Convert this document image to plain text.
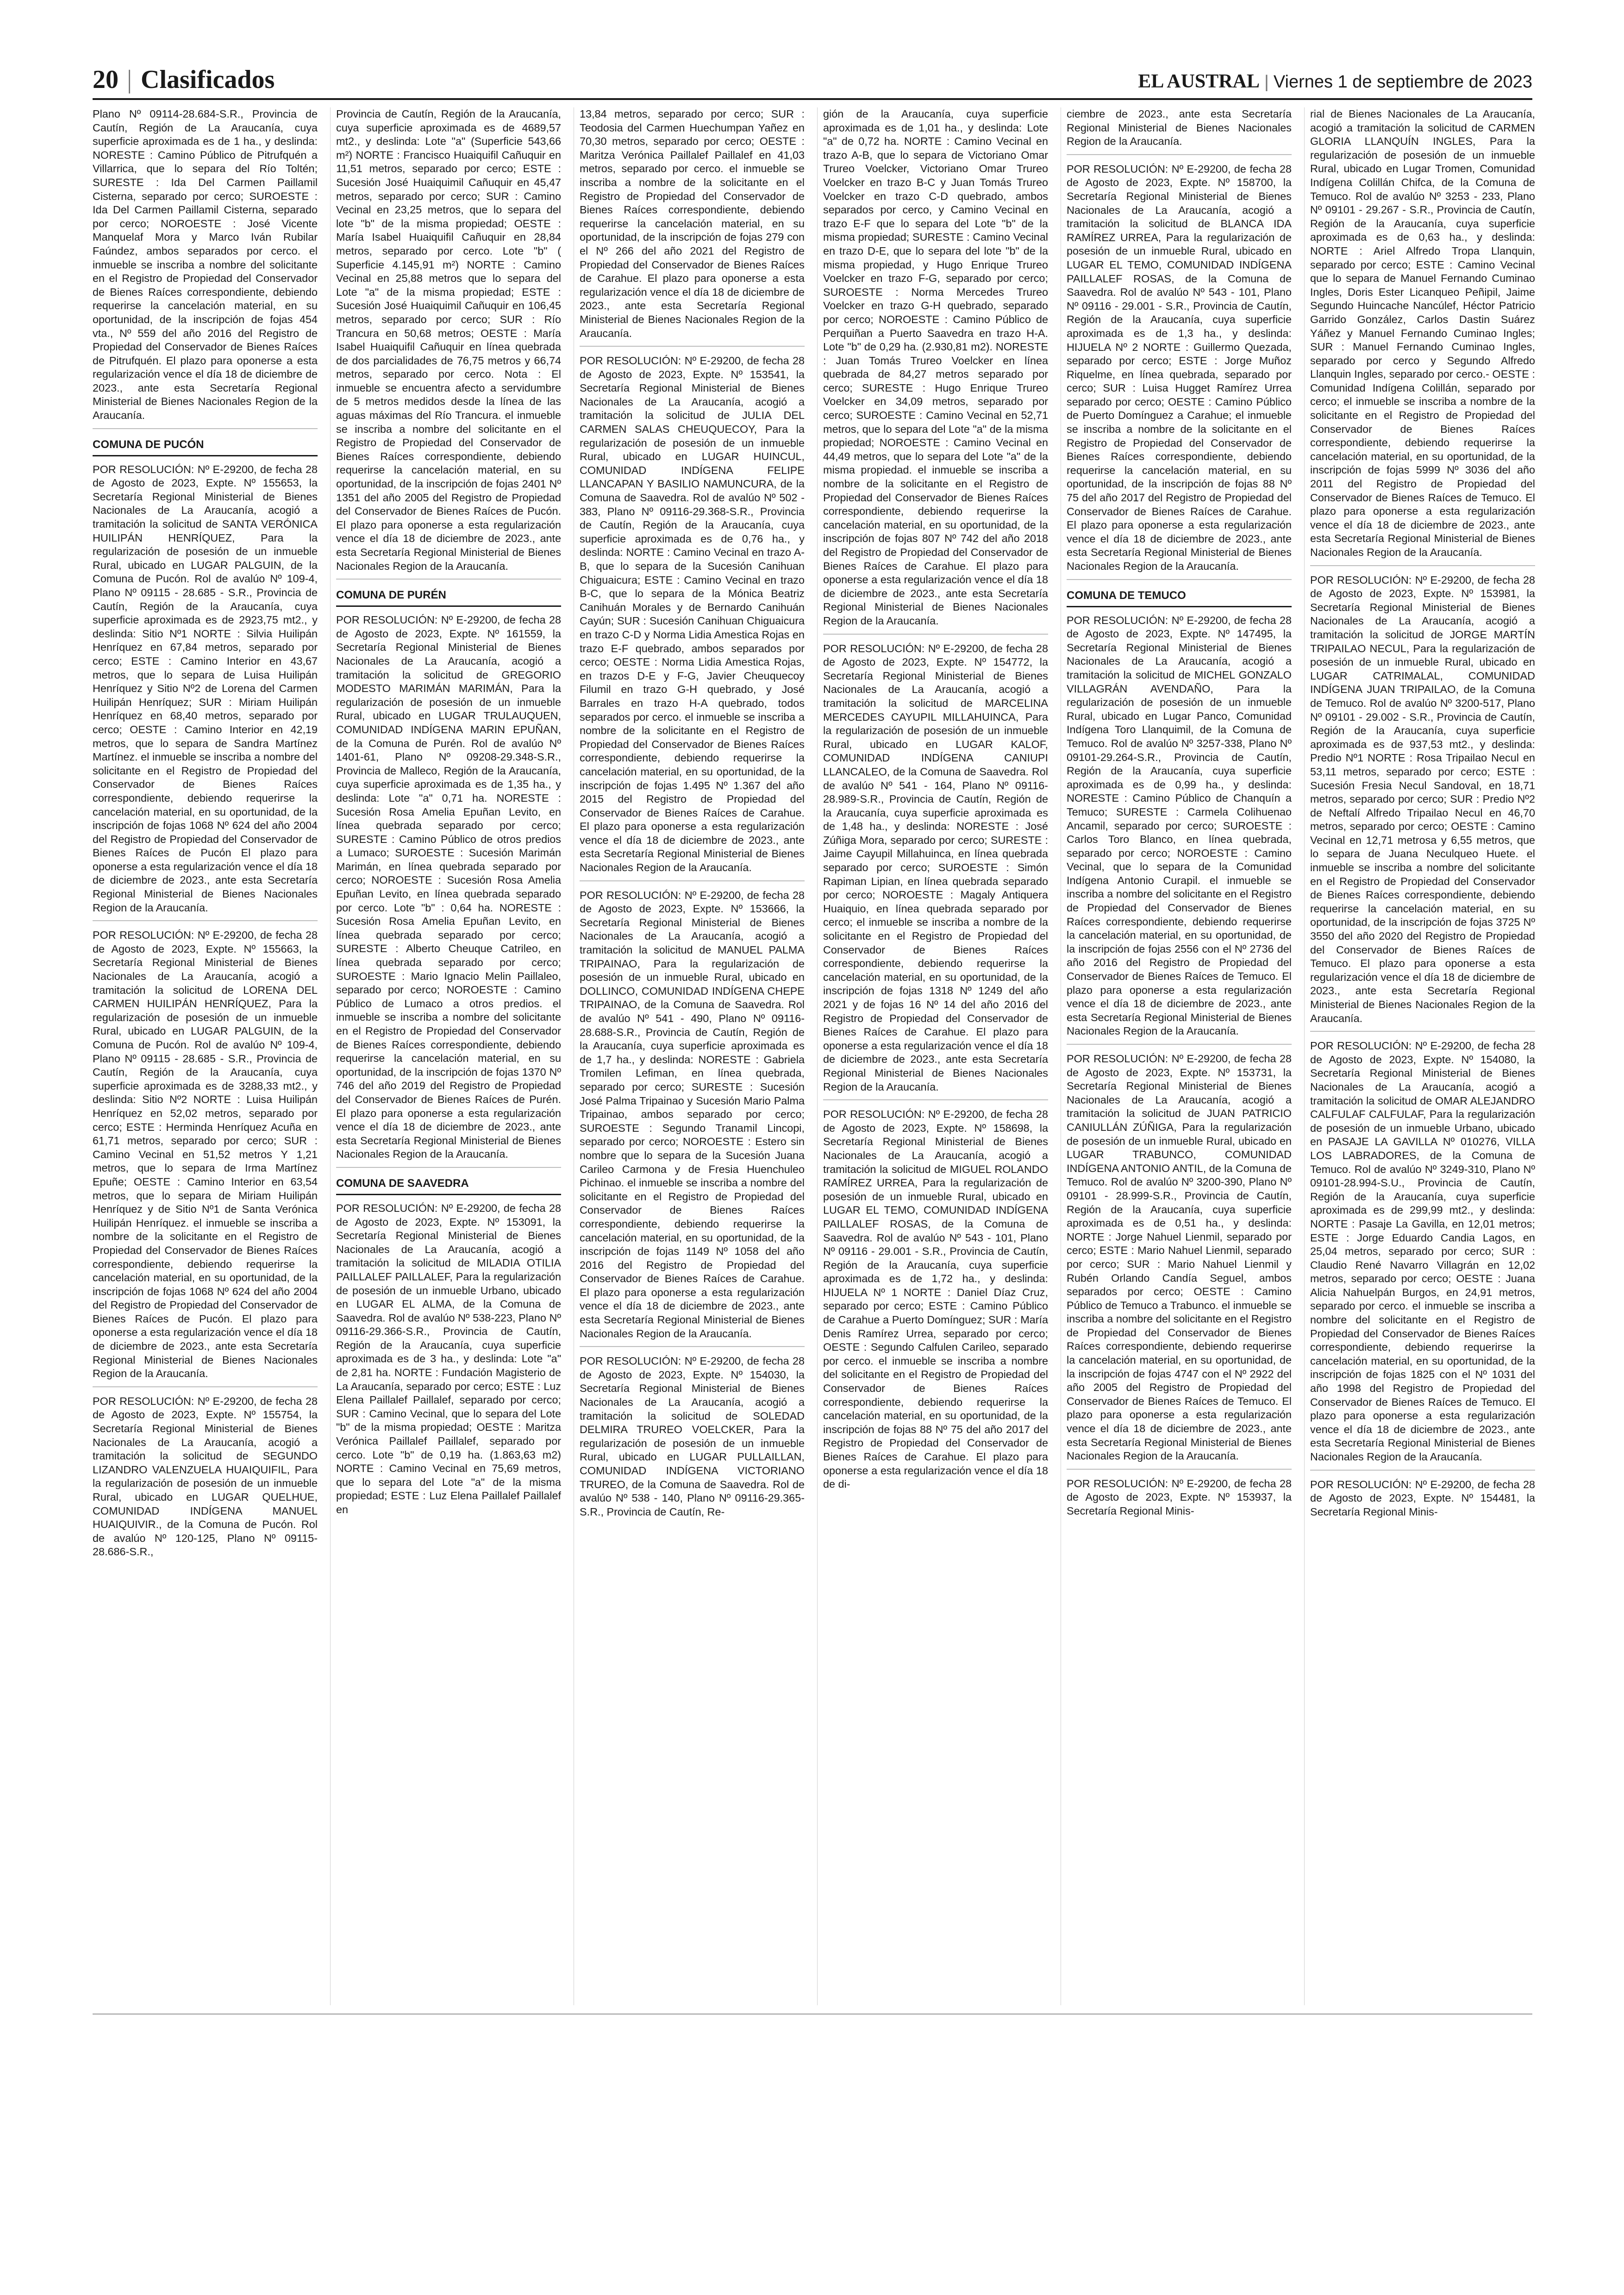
20 | Clasificados	EL AUSTRAL | Viernes 1 de septiembre de 2023

Plano Nº 09114-28.684-S.R., Provincia de Cautín, Región de La Araucanía, cuya superficie aproximada es de 1 ha., y deslinda: NORESTE : Camino Público de Pitrufquén a Villarrica, que lo separa del Río Toltén; SURESTE : Ida Del Carmen Paillamil Cisterna, separado por cerco; SUROESTE : Ida Del Carmen Paillamil Cisterna, separado por cerco; NOROESTE : José Vicente Manquelaf Mora y Marco Iván Rubilar Faúndez, ambos separados por cerco. el inmueble se inscriba a nombre del solicitante en el Registro de Propiedad del Conservador de Bienes Raíces correspondiente, debiendo requerirse la cancelación material, en su oportunidad, de la inscripción de fojas 454 vta., Nº 559 del año 2016 del Registro de Propiedad del Conservador de Bienes Raíces de Pitrufquén. El plazo para oponerse a esta regularización vence el día 18 de diciembre de 2023., ante esta Secretaría Regional Ministerial de Bienes Nacionales Region de la Araucanía.

COMUNA DE PUCÓN

POR RESOLUCIÓN: Nº E-29200, de fecha 28 de Agosto de 2023, Expte. Nº 155653, la Secretaría Regional Ministerial de Bienes Nacionales de La Araucanía, acogió a tramitación la solicitud de SANTA VERÓNICA HUILIPÁN HENRÍQUEZ, Para la regularización de posesión de un inmueble Rural, ubicado en LUGAR PALGUIN, de la Comuna de Pucón. Rol de avalúo Nº 109-4, Plano Nº 09115 - 28.685 - S.R., Provincia de Cautín, Región de la Araucanía, cuya superficie aproximada es de 2923,75 mt2., y deslinda: Sitio Nº1 NORTE : Silvia Huilipán Henríquez en 67,84 metros, separado por cerco; ESTE : Camino Interior en 43,67 metros, que lo separa de Luisa Huilipán Henríquez y Sitio Nº2 de Lorena del Carmen Huilipán Henríquez; SUR : Miriam Huilipán Henríquez en 68,40 metros, separado por cerco; OESTE : Camino Interior en 42,19 metros, que lo separa de Sandra Martínez Martínez. el inmueble se inscriba a nombre del solicitante en el Registro de Propiedad del Conservador de Bienes Raíces correspondiente, debiendo requerirse la cancelación material, en su oportunidad, de la inscripción de fojas 1068 Nº 624 del año 2004 del Registro de Propiedad del Conservador de Bienes Raíces de Pucón El plazo para oponerse a esta regularización vence el día 18 de diciembre de 2023., ante esta Secretaría Regional Ministerial de Bienes Nacionales Region de la Araucanía.

POR RESOLUCIÓN: Nº E-29200, de fecha 28 de Agosto de 2023, Expte. Nº 155663, la Secretaría Regional Ministerial de Bienes Nacionales de La Araucanía, acogió a tramitación la solicitud de LORENA DEL CARMEN HUILIPÁN HENRÍQUEZ, Para la regularización de posesión de un inmueble Rural, ubicado en LUGAR PALGUIN, de la Comuna de Pucón. Rol de avalúo Nº 109-4, Plano Nº 09115 - 28.685 - S.R., Provincia de Cautín, Región de la Araucanía, cuya superficie aproximada es de 3288,33 mt2., y deslinda: Sitio Nº2 NORTE : Luisa Huilipán Henríquez en 52,02 metros, separado por cerco; ESTE : Herminda Henríquez Acuña en 61,71 metros, separado por cerco; SUR : Camino Vecinal en 51,52 metros Y 1,21 metros, que lo separa de Irma Martínez Epuñe; OESTE : Camino Interior en 63,54 metros, que lo separa de Miriam Huilipán Henríquez y de Sitio Nº1 de Santa Verónica Huilipán Henríquez. el inmueble se inscriba a nombre de la solicitante en el Registro de Propiedad del Conservador de Bienes Raíces correspondiente, debiendo requerirse la cancelación material, en su oportunidad, de la inscripción de fojas 1068 Nº 624 del año 2004 del Registro de Propiedad del Conservador de Bienes Raíces de Pucón. El plazo para oponerse a esta regularización vence el día 18 de diciembre de 2023., ante esta Secretaría Regional Ministerial de Bienes Nacionales Region de la Araucanía.

POR RESOLUCIÓN: Nº E-29200, de fecha 28 de Agosto de 2023, Expte. Nº 155754, la Secretaría Regional Ministerial de Bienes Nacionales de La Araucanía, acogió a tramitación la solicitud de SEGUNDO LIZANDRO VALENZUELA HUAIQUIFIL, Para la regularización de posesión de un inmueble Rural, ubicado en LUGAR QUELHUE, COMUNIDAD INDÍGENA MANUEL HUAIQUIVIR., de la Comuna de Pucón. Rol de avalúo Nº 120-125, Plano Nº 09115- 28.686-S.R.,

Provincia de Cautín, Región de la Araucanía, cuya superficie aproximada es de 4689,57 mt2., y deslinda: Lote "a" (Superficie 543,66 m²) NORTE : Francisco Huaiquifil Cañuquir en 11,51 metros, separado por cerco; ESTE : Sucesión José Huaiquimil Cañuquir en 45,47 metros, separado por cerco; SUR : Camino Vecinal en 23,25 metros, que lo separa del lote "b" de la misma propiedad; OESTE : María Isabel Huaiquifil Cañuquir en 28,84 metros, separado por cerco. Lote "b" ( Superficie 4.145,91 m²) NORTE : Camino Vecinal en 25,88 metros que lo separa del Lote "a" de la misma propiedad; ESTE : Sucesión José Huaiquimil Cañuquir en 106,45 metros, separado por cerco; SUR : Río Trancura en 50,68 metros; OESTE : María Isabel Huaiquifil Cañuquir en línea quebrada de dos parcialidades de 76,75 metros y 66,74 metros, separado por cerco. Nota : El inmueble se encuentra afecto a servidumbre de 5 metros medidos desde la línea de las aguas máximas del Río Trancura. el inmueble se inscriba a nombre del solicitante en el Registro de Propiedad del Conservador de Bienes Raíces correspondiente, debiendo requerirse la cancelación material, en su oportunidad, de la inscripción de fojas 2401 Nº 1351 del año 2005 del Registro de Propiedad del Conservador de Bienes Raíces de Pucón. El plazo para oponerse a esta regularización vence el día 18 de diciembre de 2023., ante esta Secretaría Regional Ministerial de Bienes Nacionales Region de la Araucanía.

COMUNA DE PURÉN

POR RESOLUCIÓN: Nº E-29200, de fecha 28 de Agosto de 2023, Expte. Nº 161559, la Secretaría Regional Ministerial de Bienes Nacionales de La Araucanía, acogió a tramitación la solicitud de GREGORIO MODESTO MARIMÁN MARIMÁN, Para la regularización de posesión de un inmueble Rural, ubicado en LUGAR TRULAUQUEN, COMUNIDAD INDÍGENA MARIN EPUÑAN, de la Comuna de Purén. Rol de avalúo Nº 1401-61, Plano Nº 09208-29.348-S.R., Provincia de Malleco, Región de la Araucanía, cuya superficie aproximada es de 1,35 ha., y deslinda: Lote "a" 0,71 ha. NORESTE : Sucesión Rosa Amelia Epuñan Levito, en línea quebrada separado por cerco; SURESTE : Camino Público de otros predios a Lumaco; SUROESTE : Sucesión Marimán Marimán, en línea quebrada separado por cerco; NOROESTE : Sucesión Rosa Amelia Epuñan Levito, en línea quebrada separado por cerco. Lote "b" : 0,64 ha. NORESTE : Sucesión Rosa Amelia Epuñan Levito, en línea quebrada separado por cerco; SURESTE : Alberto Cheuque Catrileo, en línea quebrada separado por cerco; SUROESTE : Mario Ignacio Melin Paillaleo, separado por cerco; NOROESTE : Camino Público de Lumaco a otros predios. el inmueble se inscriba a nombre del solicitante en el Registro de Propiedad del Conservador de Bienes Raíces correspondiente, debiendo requerirse la cancelación material, en su oportunidad, de la inscripción de fojas 1370 Nº 746 del año 2019 del Registro de Propiedad del Conservador de Bienes Raíces de Purén. El plazo para oponerse a esta regularización vence el día 18 de diciembre de 2023., ante esta Secretaría Regional Ministerial de Bienes Nacionales Region de la Araucanía.

COMUNA DE SAAVEDRA

POR RESOLUCIÓN: Nº E-29200, de fecha 28 de Agosto de 2023, Expte. Nº 153091, la Secretaría Regional Ministerial de Bienes Nacionales de La Araucanía, acogió a tramitación la solicitud de MILADIA OTILIA PAILLALEF PAILLALEF, Para la regularización de posesión de un inmueble Urbano, ubicado en LUGAR EL ALMA, de la Comuna de Saavedra. Rol de avalúo Nº 538-223, Plano Nº 09116-29.366-S.R., Provincia de Cautín, Región de la Araucanía, cuya superficie aproximada es de 3 ha., y deslinda: Lote "a" de 2,81 ha. NORTE : Fundación Magisterio de La Araucanía, separado por cerco; ESTE : Luz Elena Paillalef Paillalef, separado por cerco; SUR : Camino Vecinal, que lo separa del Lote "b" de la misma propiedad; OESTE : Maritza Verónica Paillalef Paillalef, separado por cerco. Lote "b" de 0,19 ha. (1.863,63 m2) NORTE : Camino Vecinal en 75,69 metros, que lo separa del Lote "a" de la misma propiedad; ESTE : Luz Elena Paillalef Paillalef en

13,84 metros, separado por cerco; SUR : Teodosia del Carmen Huechumpan Yañez en 70,30 metros, separado por cerco; OESTE : Maritza Verónica Paillalef Paillalef en 41,03 metros, separado por cerco. el inmueble se inscriba a nombre de la solicitante en el Registro de Propiedad del Conservador de Bienes Raíces correspondiente, debiendo requerirse la cancelación material, en su oportunidad, de la inscripción de fojas 279 con el Nº 266 del año 2021 del Registro de Propiedad del Conservador de Bienes Raíces de Carahue. El plazo para oponerse a esta regularización vence el día 18 de diciembre de 2023., ante esta Secretaría Regional Ministerial de Bienes Nacionales Region de la Araucanía.

POR RESOLUCIÓN: Nº E-29200, de fecha 28 de Agosto de 2023, Expte. Nº 153541, la Secretaría Regional Ministerial de Bienes Nacionales de La Araucanía, acogió a tramitación la solicitud de JULIA DEL CARMEN SALAS CHEUQUECOY, Para la regularización de posesión de un inmueble Rural, ubicado en LUGAR HUINCUL, COMUNIDAD INDÍGENA FELIPE LLANCAPAN Y BASILIO NAMUNCURA, de la Comuna de Saavedra. Rol de avalúo Nº 502 - 383, Plano Nº 09116-29.368-S.R., Provincia de Cautín, Región de la Araucanía, cuya superficie aproximada es de 0,76 ha., y deslinda: NORTE : Camino Vecinal en trazo A-B, que lo separa de la Sucesión Canihuan Chiguaicura; ESTE : Camino Vecinal en trazo B-C, que lo separa de la Mónica Beatriz Canihuán Morales y de Bernardo Canihuán Cayún; SUR : Sucesión Canihuan Chiguaicura en trazo C-D y Norma Lidia Amestica Rojas en trazo E-F quebrado, ambos separados por cerco; OESTE : Norma Lidia Amestica Rojas, en trazos D-E y F-G, Javier Cheuquecoy Filumil en trazo G-H quebrado, y José Barrales en trazo H-A quebrado, todos separados por cerco. el inmueble se inscriba a nombre de la solicitante en el Registro de Propiedad del Conservador de Bienes Raíces correspondiente, debiendo requerirse la cancelación material, en su oportunidad, de la inscripción de fojas 1.495 Nº 1.367 del año 2015 del Registro de Propiedad del Conservador de Bienes Raíces de Carahue. El plazo para oponerse a esta regularización vence el día 18 de diciembre de 2023., ante esta Secretaría Regional Ministerial de Bienes Nacionales Region de la Araucanía.

POR RESOLUCIÓN: Nº E-29200, de fecha 28 de Agosto de 2023, Expte. Nº 153666, la Secretaría Regional Ministerial de Bienes Nacionales de La Araucanía, acogió a tramitación la solicitud de MANUEL PALMA TRIPAINAO, Para la regularización de posesión de un inmueble Rural, ubicado en DOLLINCO, COMUNIDAD INDÍGENA CHEPE TRIPAINAO, de la Comuna de Saavedra. Rol de avalúo Nº 541 - 490, Plano Nº 09116-28.688-S.R., Provincia de Cautín, Región de la Araucanía, cuya superficie aproximada es de 1,7 ha., y deslinda: NORESTE : Gabriela Tromilen Lefiman, en línea quebrada, separado por cerco; SURESTE : Sucesión José Palma Tripainao y Sucesión Mario Palma Tripainao, ambos separado por cerco; SUROESTE : Segundo Tranamil Lincopi, separado por cerco; NOROESTE : Estero sin nombre que lo separa de la Sucesión Juana Carileo Carmona y de Fresia Huenchuleo Pichinao. el inmueble se inscriba a nombre del solicitante en el Registro de Propiedad del Conservador de Bienes Raíces correspondiente, debiendo requerirse la cancelación material, en su oportunidad, de la inscripción de fojas 1149 Nº 1058 del año 2016 del Registro de Propiedad del Conservador de Bienes Raíces de Carahue. El plazo para oponerse a esta regularización vence el día 18 de diciembre de 2023., ante esta Secretaría Regional Ministerial de Bienes Nacionales Region de la Araucanía.

POR RESOLUCIÓN: Nº E-29200, de fecha 28 de Agosto de 2023, Expte. Nº 154030, la Secretaría Regional Ministerial de Bienes Nacionales de La Araucanía, acogió a tramitación la solicitud de SOLEDAD DELMIRA TRUREO VOELCKER, Para la regularización de posesión de un inmueble Rural, ubicado en LUGAR PULLAILLAN, COMUNIDAD INDÍGENA VICTORIANO TRUREO, de la Comuna de Saavedra. Rol de avalúo Nº 538 - 140, Plano Nº 09116-29.365-S.R., Provincia de Cautín, Re-

gión de la Araucanía, cuya superficie aproximada es de 1,01 ha., y deslinda: Lote "a" de 0,72 ha. NORTE : Camino Vecinal en trazo A-B, que lo separa de Victoriano Omar Trureo Voelcker, Victoriano Omar Trureo Voelcker en trazo B-C y Juan Tomás Trureo Voelcker en trazo C-D quebrado, ambos separados por cerco, y Camino Vecinal en trazo E-F que lo separa del Lote "b" de la misma propiedad; SURESTE : Camino Vecinal en trazo D-E, que lo separa del lote "b" de la misma propiedad, y Hugo Enrique Trureo Voelcker en trazo F-G, separado por cerco; SUROESTE : Norma Mercedes Trureo Voelcker en trazo G-H quebrado, separado por cerco; NOROESTE : Camino Público de Perquiñan a Puerto Saavedra en trazo H-A. Lote "b" de 0,29 ha. (2.930,81 m2). NORESTE : Juan Tomás Trureo Voelcker en línea quebrada de 84,27 metros separado por cerco; SURESTE : Hugo Enrique Trureo Voelcker en 34,09 metros, separado por cerco; SUROESTE : Camino Vecinal en 52,71 metros, que lo separa del Lote "a" de la misma propiedad; NOROESTE : Camino Vecinal en 44,49 metros, que lo separa del Lote "a" de la misma propiedad. el inmueble se inscriba a nombre de la solicitante en el Registro de Propiedad del Conservador de Bienes Raíces correspondiente, debiendo requerirse la cancelación material, en su oportunidad, de la inscripción de fojas 807 Nº 742 del año 2018 del Registro de Propiedad del Conservador de Bienes Raíces de Carahue. El plazo para oponerse a esta regularización vence el día 18 de diciembre de 2023., ante esta Secretaría Regional Ministerial de Bienes Nacionales Region de la Araucanía.

POR RESOLUCIÓN: Nº E-29200, de fecha 28 de Agosto de 2023, Expte. Nº 154772, la Secretaría Regional Ministerial de Bienes Nacionales de La Araucanía, acogió a tramitación la solicitud de MARCELINA MERCEDES CAYUPIL MILLAHUINCA, Para la regularización de posesión de un inmueble Rural, ubicado en LUGAR KALOF, COMUNIDAD INDÍGENA CANIUPI LLANCALEO, de la Comuna de Saavedra. Rol de avalúo Nº 541 - 164, Plano Nº 09116-28.989-S.R., Provincia de Cautín, Región de la Araucanía, cuya superficie aproximada es de 1,48 ha., y deslinda: NORESTE : José Zúñiga Mora, separado por cerco; SURESTE : Jaime Cayupil Millahuinca, en línea quebrada separado por cerco; SUROESTE : Simón Rapiman Lipian, en línea quebrada separado por cerco; NOROESTE : Magaly Antiquera Huaiquio, en línea quebrada separado por cerco; el inmueble se inscriba a nombre de la solicitante en el Registro de Propiedad del Conservador de Bienes Raíces correspondiente, debiendo requerirse la cancelación material, en su oportunidad, de la inscripción de fojas 1318 Nº 1249 del año 2021 y de fojas 16 Nº 14 del año 2016 del Registro de Propiedad del Conservador de Bienes Raíces de Carahue. El plazo para oponerse a esta regularización vence el día 18 de diciembre de 2023., ante esta Secretaría Regional Ministerial de Bienes Nacionales Region de la Araucanía.

POR RESOLUCIÓN: Nº E-29200, de fecha 28 de Agosto de 2023, Expte. Nº 158698, la Secretaría Regional Ministerial de Bienes Nacionales de La Araucanía, acogió a tramitación la solicitud de MIGUEL ROLANDO RAMÍREZ URREA, Para la regularización de posesión de un inmueble Rural, ubicado en LUGAR EL TEMO, COMUNIDAD INDÍGENA PAILLALEF ROSAS, de la Comuna de Saavedra. Rol de avalúo Nº 543 - 101, Plano Nº 09116 - 29.001 - S.R., Provincia de Cautín, Región de la Araucanía, cuya superficie aproximada es de 1,72 ha., y deslinda: HIJUELA Nº 1 NORTE : Daniel Díaz Cruz, separado por cerco; ESTE : Camino Público de Carahue a Puerto Domínguez; SUR : María Denis Ramírez Urrea, separado por cerco; OESTE : Segundo Calfulen Carileo, separado por cerco. el inmueble se inscriba a nombre del solicitante en el Registro de Propiedad del Conservador de Bienes Raíces correspondiente, debiendo requerirse la cancelación material, en su oportunidad, de la inscripción de fojas 88 Nº 75 del año 2017 del Registro de Propiedad del Conservador de Bienes Raíces de Carahue. El plazo para oponerse a esta regularización vence el día 18 de di-

ciembre de 2023., ante esta Secretaría Regional Ministerial de Bienes Nacionales Region de la Araucanía.

POR RESOLUCIÓN: Nº E-29200, de fecha 28 de Agosto de 2023, Expte. Nº 158700, la Secretaría Regional Ministerial de Bienes Nacionales de La Araucanía, acogió a tramitación la solicitud de BLANCA IDA RAMÍREZ URREA, Para la regularización de posesión de un inmueble Rural, ubicado en LUGAR EL TEMO, COMUNIDAD INDÍGENA PAILLALEF ROSAS, de la Comuna de Saavedra. Rol de avalúo Nº 543 - 101, Plano Nº 09116 - 29.001 - S.R., Provincia de Cautín, Región de la Araucanía, cuya superficie aproximada es de 1,3 ha., y deslinda: HIJUELA Nº 2 NORTE : Guillermo Quezada, separado por cerco; ESTE : Jorge Muñoz Riquelme, en línea quebrada, separado por cerco; SUR : Luisa Hugget Ramírez Urrea separado por cerco; OESTE : Camino Público de Puerto Domínguez a Carahue; el inmueble se inscriba a nombre de la solicitante en el Registro de Propiedad del Conservador de Bienes Raíces correspondiente, debiendo requerirse la cancelación material, en su oportunidad, de la inscripción de fojas 88 Nº 75 del año 2017 del Registro de Propiedad del Conservador de Bienes Raíces de Carahue. El plazo para oponerse a esta regularización vence el día 18 de diciembre de 2023., ante esta Secretaría Regional Ministerial de Bienes Nacionales Region de la Araucanía.

COMUNA DE TEMUCO

POR RESOLUCIÓN: Nº E-29200, de fecha 28 de Agosto de 2023, Expte. Nº 147495, la Secretaría Regional Ministerial de Bienes Nacionales de La Araucanía, acogió a tramitación la solicitud de MICHEL GONZALO VILLAGRÁN AVENDAÑO, Para la regularización de posesión de un inmueble Rural, ubicado en Lugar Panco, Comunidad Indígena Toro Llanquimil, de la Comuna de Temuco. Rol de avalúo Nº 3257-338, Plano Nº 09101-29.264-S.R., Provincia de Cautín, Región de la Araucanía, cuya superficie aproximada es de 0,99 ha., y deslinda: NORESTE : Camino Público de Chanquín a Temuco; SURESTE : Carmela Colihuenao Ancamil, separado por cerco; SUROESTE : Carlos Toro Blanco, en línea quebrada, separado por cerco; NOROESTE : Camino Vecinal, que lo separa de la Comunidad Indígena Antonio Curapil. el inmueble se inscriba a nombre del solicitante en el Registro de Propiedad del Conservador de Bienes Raíces correspondiente, debiendo requerirse la cancelación material, en su oportunidad, de la inscripción de fojas 2556 con el Nº 2736 del año 2016 del Registro de Propiedad del Conservador de Bienes Raíces de Temuco. El plazo para oponerse a esta regularización vence el día 18 de diciembre de 2023., ante esta Secretaría Regional Ministerial de Bienes Nacionales Region de la Araucanía.

POR RESOLUCIÓN: Nº E-29200, de fecha 28 de Agosto de 2023, Expte. Nº 153731, la Secretaría Regional Ministerial de Bienes Nacionales de La Araucanía, acogió a tramitación la solicitud de JUAN PATRICIO CANIULLÁN ZÚÑIGA, Para la regularización de posesión de un inmueble Rural, ubicado en LUGAR TRABUNCO, COMUNIDAD INDÍGENA ANTONIO ANTIL, de la Comuna de Temuco. Rol de avalúo Nº 3200-390, Plano Nº 09101 - 28.999-S.R., Provincia de Cautín, Región de la Araucanía, cuya superficie aproximada es de 0,51 ha., y deslinda: NORTE : Jorge Nahuel Lienmil, separado por cerco; ESTE : Mario Nahuel Lienmil, separado por cerco; SUR : Mario Nahuel Lienmil y Rubén Orlando Candía Seguel, ambos separados por cerco; OESTE : Camino Público de Temuco a Trabunco. el inmueble se inscriba a nombre del solicitante en el Registro de Propiedad del Conservador de Bienes Raíces correspondiente, debiendo requerirse la cancelación material, en su oportunidad, de la inscripción de fojas 4747 con el Nº 2922 del año 2005 del Registro de Propiedad del Conservador de Bienes Raíces de Temuco. El plazo para oponerse a esta regularización vence el día 18 de diciembre de 2023., ante esta Secretaría Regional Ministerial de Bienes Nacionales Region de la Araucanía.

POR RESOLUCIÓN: Nº E-29200, de fecha 28 de Agosto de 2023, Expte. Nº 153937, la Secretaría Regional Minis-

rial de Bienes Nacionales de La Araucanía, acogió a tramitación la solicitud de CARMEN GLORIA LLANQUÍN INGLES, Para la regularización de posesión de un inmueble Rural, ubicado en Lugar Tromen, Comunidad Indígena Colillán Chifca, de la Comuna de Temuco. Rol de avalúo Nº 3253 - 233, Plano Nº 09101 - 29.267 - S.R., Provincia de Cautín, Región de la Araucanía, cuya superficie aproximada es de 0,63 ha., y deslinda: NORTE : Ariel Alfredo Tropa Llanquin, separado por cerco; ESTE : Camino Vecinal que lo separa de Manuel Fernando Cuminao Ingles, Doris Ester Licanqueo Peñipil, Jaime Segundo Huincache Nancúlef, Héctor Patricio Garrido González, Carlos Dastin Suárez Yáñez y Manuel Fernando Cuminao Ingles; SUR : Manuel Fernando Cuminao Ingles, separado por cerco y Segundo Alfredo Llanquin Ingles, separado por cerco.- OESTE : Comunidad Indígena Colillán, separado por cerco; el inmueble se inscriba a nombre de la solicitante en el Registro de Propiedad del Conservador de Bienes Raíces correspondiente, debiendo requerirse la cancelación material, en su oportunidad, de la inscripción de fojas 5999 Nº 3036 del año 2011 del Registro de Propiedad del Conservador de Bienes Raíces de Temuco. El plazo para oponerse a esta regularización vence el día 18 de diciembre de 2023., ante esta Secretaría Regional Ministerial de Bienes Nacionales Region de la Araucanía.

POR RESOLUCIÓN: Nº E-29200, de fecha 28 de Agosto de 2023, Expte. Nº 153981, la Secretaría Regional Ministerial de Bienes Nacionales de La Araucanía, acogió a tramitación la solicitud de JORGE MARTÍN TRIPAILAO NECUL, Para la regularización de posesión de un inmueble Rural, ubicado en LUGAR CATRIMALAL, COMUNIDAD INDÍGENA JUAN TRIPAILAO, de la Comuna de Temuco. Rol de avalúo Nº 3200-517, Plano Nº 09101 - 29.002 - S.R., Provincia de Cautín, Región de la Araucanía, cuya superficie aproximada es de 937,53 mt2., y deslinda: Predio Nº1 NORTE : Rosa Tripailao Necul en 53,11 metros, separado por cerco; ESTE : Sucesión Fresia Necul Sandoval, en 18,71 metros, separado por cerco; SUR : Predio Nº2 de Neftalí Alfredo Tripailao Necul en 46,70 metros, separado por cerco; OESTE : Camino Vecinal en 12,71 metrosa y 6,55 metros, que lo separa de Juana Neculqueo Huete. el inmueble se inscriba a nombre del solicitante en el Registro de Propiedad del Conservador de Bienes Raíces correspondiente, debiendo requerirse la cancelación material, en su oportunidad, de la inscripción de fojas 3725 Nº 3550 del año 2020 del Registro de Propiedad del Conservador de Bienes Raíces de Temuco. El plazo para oponerse a esta regularización vence el día 18 de diciembre de 2023., ante esta Secretaría Regional Ministerial de Bienes Nacionales Region de la Araucanía.

POR RESOLUCIÓN: Nº E-29200, de fecha 28 de Agosto de 2023, Expte. Nº 154080, la Secretaría Regional Ministerial de Bienes Nacionales de La Araucanía, acogió a tramitación la solicitud de OMAR ALEJANDRO CALFULAF CALFULAF, Para la regularización de posesión de un inmueble Urbano, ubicado en PASAJE LA GAVILLA Nº 010276, VILLA LOS LABRADORES, de la Comuna de Temuco. Rol de avalúo Nº 3249-310, Plano Nº 09101-28.994-S.U., Provincia de Cautín, Región de la Araucanía, cuya superficie aproximada es de 299,99 mt2., y deslinda: NORTE : Pasaje La Gavilla, en 12,01 metros; ESTE : Jorge Eduardo Candia Lagos, en 25,04 metros, separado por cerco; SUR : Claudio René Navarro Villagrán en 12,02 metros, separado por cerco; OESTE : Juana Alicia Nahuelpán Burgos, en 24,91 metros, separado por cerco. el inmueble se inscriba a nombre del solicitante en el Registro de Propiedad del Conservador de Bienes Raíces correspondiente, debiendo requerirse la cancelación material, en su oportunidad, de la inscripción de fojas 1825 con el Nº 1031 del año 1998 del Registro de Propiedad del Conservador de Bienes Raíces de Temuco. El plazo para oponerse a esta regularización vence el día 18 de diciembre de 2023., ante esta Secretaría Regional Ministerial de Bienes Nacionales Region de la Araucanía.

POR RESOLUCIÓN: Nº E-29200, de fecha 28 de Agosto de 2023, Expte. Nº 154481, la Secretaría Regional Minis-
